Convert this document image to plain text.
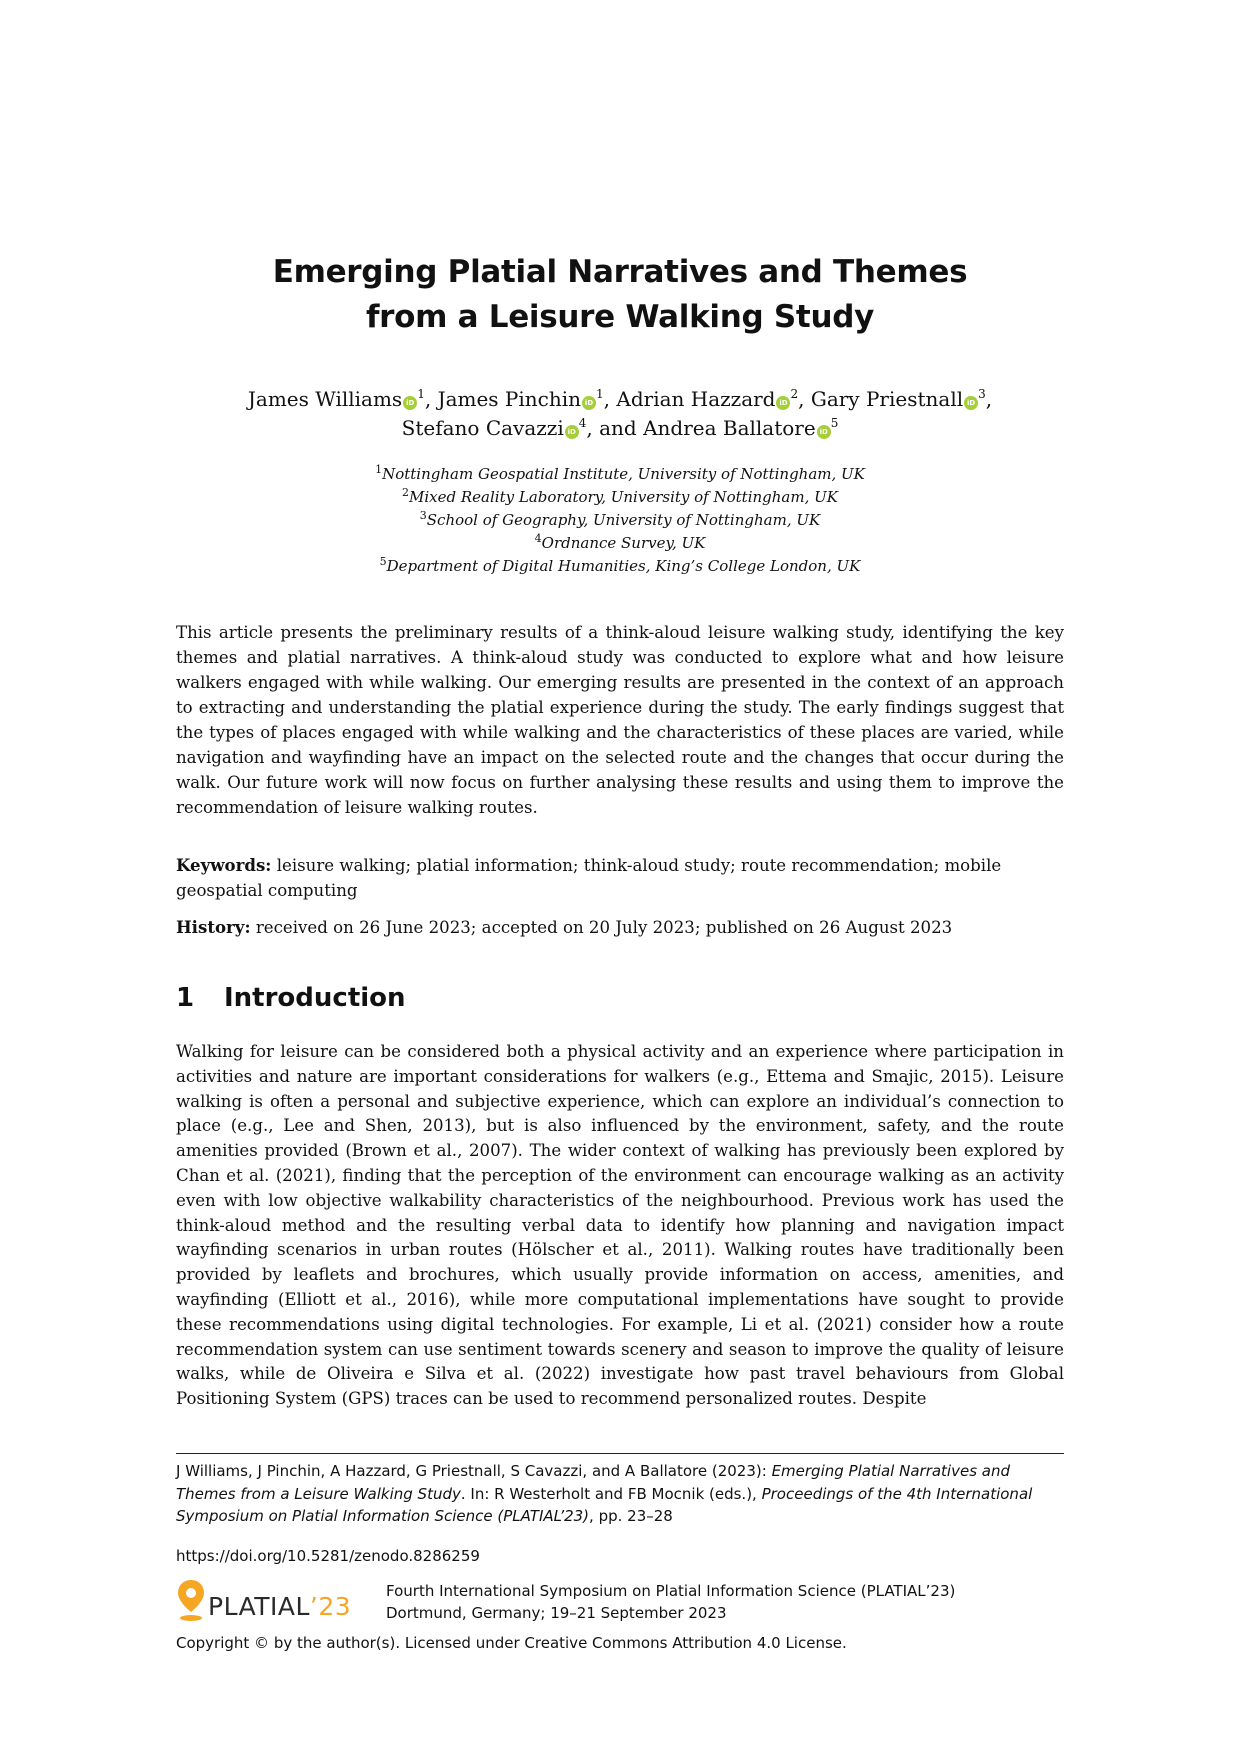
Emerging Platial Narratives and Themes
from a Leisure Walking Study
James Williams $iD^1$, James Pinchin $iD^1$, Adrian Hazzard $iD^2$, Gary Priestnall $iD^3$,
Stefano Cavazzi $iD^4$, and Andrea Ballatore $iD^5$
$^1$Nottingham Geospatial Institute, University of Nottingham, UK
$^2$Mixed Reality Laboratory, University of Nottingham, UK
$^3$School of Geography, University of Nottingham, UK
$^4$Ordnance Survey, UK
$^5$Department of Digital Humanities, King’s College London, UK

This article presents the preliminary results of a think-aloud leisure walking study, identifying the key themes and platial narratives. A think-aloud study was conducted to explore what and how leisure walkers engaged with while walking. Our emerging results are presented in the context of an approach to extracting and understanding the platial experience during the study. The early findings suggest that the types of places engaged with while walking and the characteristics of these places are varied, while navigation and wayfinding have an impact on the selected route and the changes that occur during the walk. Our future work will now focus on further analysing these results and using them to improve the recommendation of leisure walking routes.

Keywords: leisure walking; platial information; think-aloud study; route recommendation; mobile geospatial computing
History: received on 26 June 2023; accepted on 20 July 2023; published on 26 August 2023
1 Introduction

Walking for leisure can be considered both a physical activity and an experience where participation in activities and nature are important considerations for walkers (e.g., Ettema and Smajic, 2015). Leisure walking is often a personal and subjective experience, which can explore an individual’s connection to place (e.g., Lee and Shen, 2013), but is also influenced by the environment, safety, and the route amenities provided (Brown et al., 2007). The wider context of walking has previously been explored by Chan et al. (2021), finding that the perception of the environment can encourage walking as an activity even with low objective walkability characteristics of the neighbourhood. Previous work has used the think-aloud method and the resulting verbal data to identify how planning and navigation impact wayfinding scenarios in urban routes (Hölscher et al., 2011). Walking routes have traditionally been provided by leaflets and brochures, which usually provide information on access, amenities, and wayfinding (Elliott et al., 2016), while more computational implementations have sought to provide these recommendations using digital technologies. For example, Li et al. (2021) consider how a route recommendation system can use sentiment towards scenery and season to improve the quality of leisure walks, while de Oliveira e Silva et al. (2022) investigate how past travel behaviours from Global Positioning System (GPS) traces can be used to recommend personalized routes. Despite

J Williams, J Pinchin, A Hazzard, G Priestnall, S Cavazzi, and A Ballatore (2023): Emerging Platial Narratives and Themes from a Leisure Walking Study. In: R Westerholt and FB Mocnik (eds.), Proceedings of the 4th International Symposium on Platial Information Science (PLATIAL’23), pp. 23–28
https://doi.org/10.5281/zenodo.8286259
PLATIAL’23
Fourth International Symposium on Platial Information Science (PLATIAL’23)
Dortmund, Germany; 19–21 September 2023
Copyright © by the author(s). Licensed under Creative Commons Attribution 4.0 License.
